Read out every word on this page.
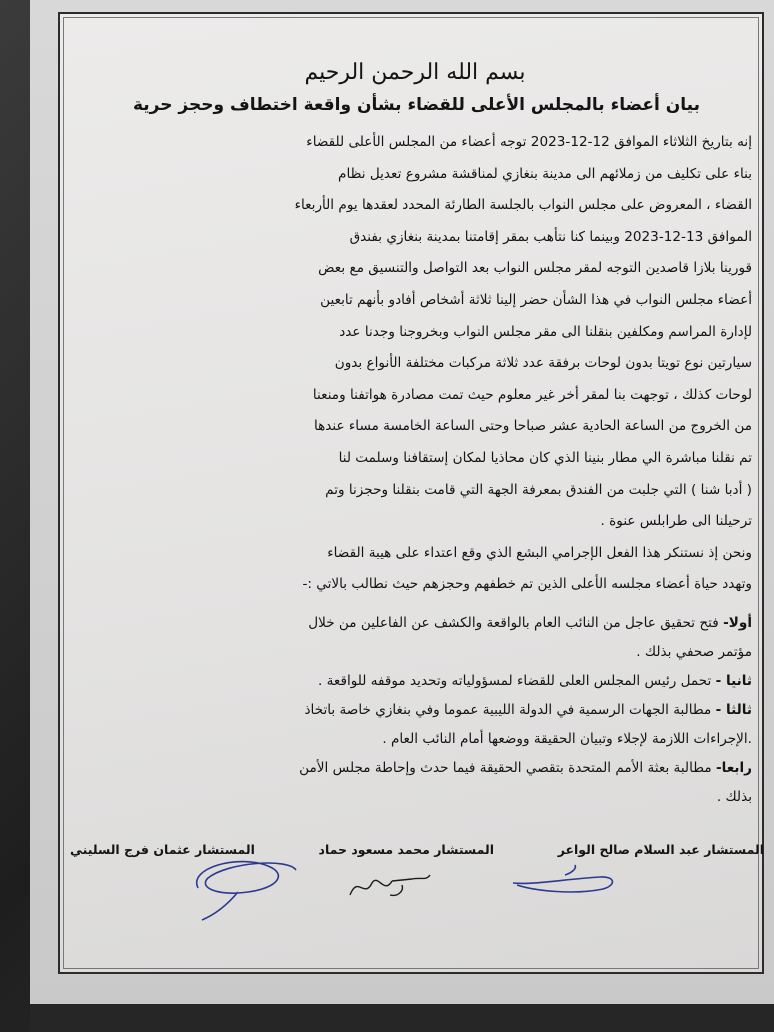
بسم الله الرحمن الرحيم
بيان أعضاء بالمجلس الأعلى للقضاء بشأن واقعة اختطاف وحجز حرية
إنه بتاريخ الثلاثاء الموافق 12-12-2023 توجه أعضاء من المجلس الأعلى للقضاء
بناء على تكليف من زملائهم الى مدينة بنغازي لمناقشة مشروع تعديل نظام
القضاء ، المعروض على مجلس النواب بالجلسة الطارئة المحدد لعقدها يوم الأربعاء
الموافق 13-12-2023 وبينما كنا نتأهب بمقر إقامتنا بمدينة بنغازي بفندق
قورينا بلازا قاصدين التوجه لمقر مجلس النواب بعد التواصل والتنسيق مع بعض
أعضاء مجلس النواب في هذا الشأن حضر إلينا ثلاثة أشخاص أفادو بأنهم تابعين
لإدارة المراسم ومكلفين بنقلنا الى مقر مجلس النواب وبخروجنا وجدنا عدد
سيارتين نوع تويتا بدون لوحات برفقة عدد ثلاثة مركبات مختلفة الأنواع بدون
لوحات كذلك ، توجهت بنا لمقر أخر غير معلوم حيث تمت مصادرة هواتفنا ومنعنا
من الخروج من الساعة الحادية عشر صباحا وحتى الساعة الخامسة مساء عندها
تم نقلنا مباشرة الي مطار بنينا الذي كان محاذيا لمكان إستقافنا وسلمت لنا
( أدبا شنا ) التي جلبت من الفندق بمعرفة الجهة التي قامت بنقلنا وحجزنا وتم
ترحيلنا الى طرابلس عنوة .
ونحن إذ نستنكر هذا الفعل الإجرامي البشع الذي وقع اعتداء على هيبة القضاء
وتهدد حياة أعضاء مجلسه الأعلى الذين تم خطفهم وحجزهم حيث نطالب بالاتي :-
أولا- فتح تحقيق عاجل من النائب العام بالواقعة والكشف عن الفاعلين من خلال
مؤتمر صحفي بذلك .
ثانيا - تحمل رئيس المجلس العلى للقضاء لمسؤولياته وتحديد موقفه للواقعة .
ثالثا - مطالبة الجهات الرسمية في الدولة الليبية عموما وفي بنغازي خاصة باتخاذ
.الإجراءات اللازمة لإجلاء وتبيان الحقيقة ووضعها أمام النائب العام .
رابعا- مطالبة بعثة الأمم المتحدة بتقصي الحقيقة فيما حدث وإحاطة مجلس الأمن
بذلك .
المستشار عبد السلام صالح الواعر
المستشار محمد مسعود حماد
المستشار عثمان فرج السليني
